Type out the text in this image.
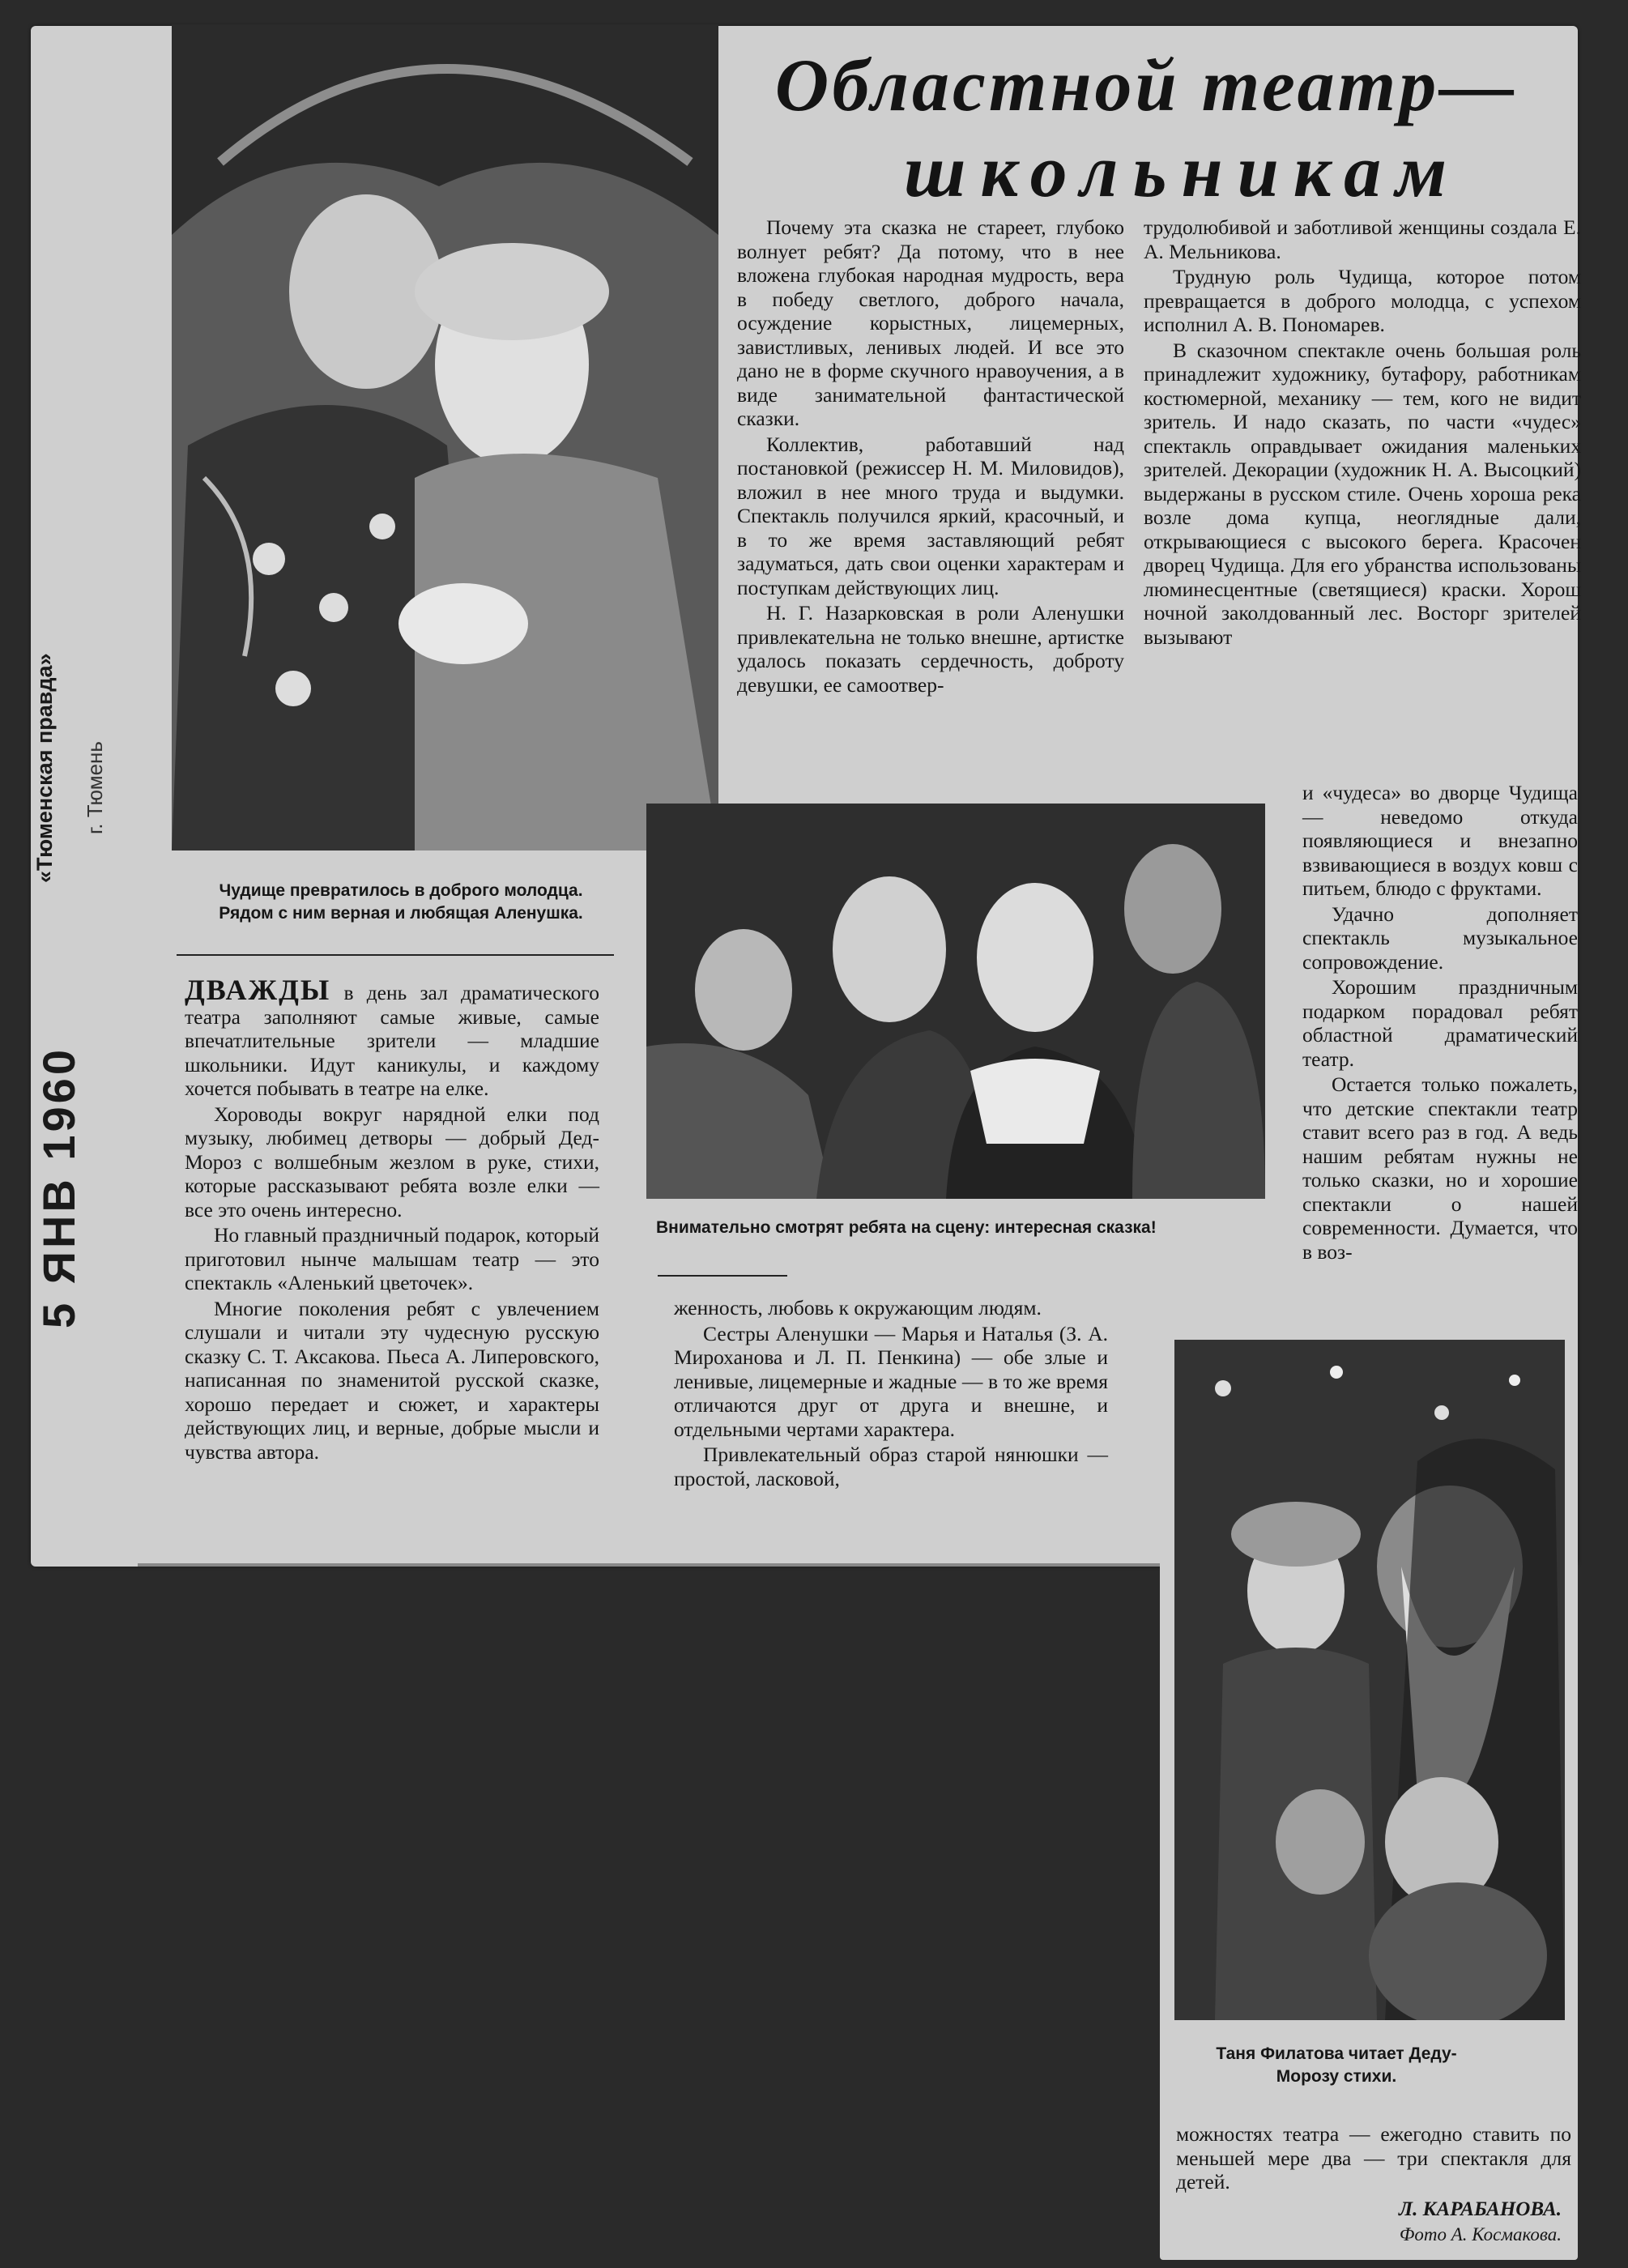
«Тюменская правда»	г. Тюмень
5 ЯНВ 1960
Областной театр—
школьникам
Чудище превратилось в доброго молодца. Рядом с ним верная и любящая Аленушка.

ДВАЖДЫ в день зал драматического театра заполняют самые живые, самые впечатлительные зрители — младшие школьники. Идут каникулы, и каждому хочется побывать в театре на елке.

Хороводы вокруг нарядной елки под музыку, любимец детворы — добрый Дед-Мороз с волшебным жезлом в руке, стихи, которые рассказывают ребята возле елки — все это очень интересно.

Но главный праздничный подарок, который приготовил нынче малышам театр — это спектакль «Аленький цветочек».

Многие поколения ребят с увлечением слушали и читали эту чудесную русскую сказку С. Т. Аксакова. Пьеса А. Липеровского, написанная по знаменитой русской сказке, хорошо передает и сюжет, и характеры действующих лиц, и верные, добрые мысли и чувства автора.

Почему эта сказка не стареет, глубоко волнует ребят? Да потому, что в нее вложена глубокая народная мудрость, вера в победу светлого, доброго начала, осуждение корыстных, лицемерных, завистливых, ленивых людей. И все это дано не в форме скучного нравоучения, а в виде занимательной фантастической сказки.

Коллектив, работавший над постановкой (режиссер Н. М. Миловидов), вложил в нее много труда и выдумки. Спектакль получился яркий, красочный, и в то же время заставляющий ребят задуматься, дать свои оценки характерам и поступкам действующих лиц.

Н. Г. Назарковская в роли Аленушки привлекательна не только внешне, артистке удалось показать сердечность, доброту девушки, ее самоотвер-

трудолюбивой и заботливой женщины создала Е. А. Мельникова.

Трудную роль Чудища, которое потом превращается в доброго молодца, с успехом исполнил А. В. Пономарев.

В сказочном спектакле очень большая роль принадлежит художнику, бутафору, работникам костюмерной, механику — тем, кого не видит зритель. И надо сказать, по части «чудес» спектакль оправдывает ожидания маленьких зрителей. Декорации (художник Н. А. Высоцкий) выдержаны в русском стиле. Очень хороша река возле дома купца, неоглядные дали, открывающиеся с высокого берега. Красочен дворец Чудища. Для его убранства использованы люминесцентные (светящиеся) краски. Хорош ночной заколдованный лес. Восторг зрителей вызывают

Внимательно смотрят ребята на сцену: интересная сказка!

и «чудеса» во дворце Чудища — неведомо откуда появляющиеся и внезапно взвивающиеся в воздух ковш с питьем, блюдо с фруктами.

Удачно дополняет спектакль музыкальное сопровождение.

Хорошим праздничным подарком порадовал ребят областной драматический театр.

Остается только пожалеть, что детские спектакли театр ставит всего раз в год. А ведь нашим ребятам нужны не только сказки, но и хорошие спектакли о нашей современности. Думается, что в воз-

женность, любовь к окружающим людям.

Сестры Аленушки — Марья и Наталья (З. А. Мироханова и Л. П. Пенкина) — обе злые и ленивые, лицемерные и жадные — в то же время отличаются друг от друга и внешне, и отдельными чертами характера.

Привлекательный образ старой нянюшки — простой, ласковой,

Таня Филатова читает Деду-Морозу стихи.

можностях театра — ежегодно ставить по меньшей мере два — три спектакля для детей.

Л. КАРАБАНОВА.
Фото А. Космакова.
